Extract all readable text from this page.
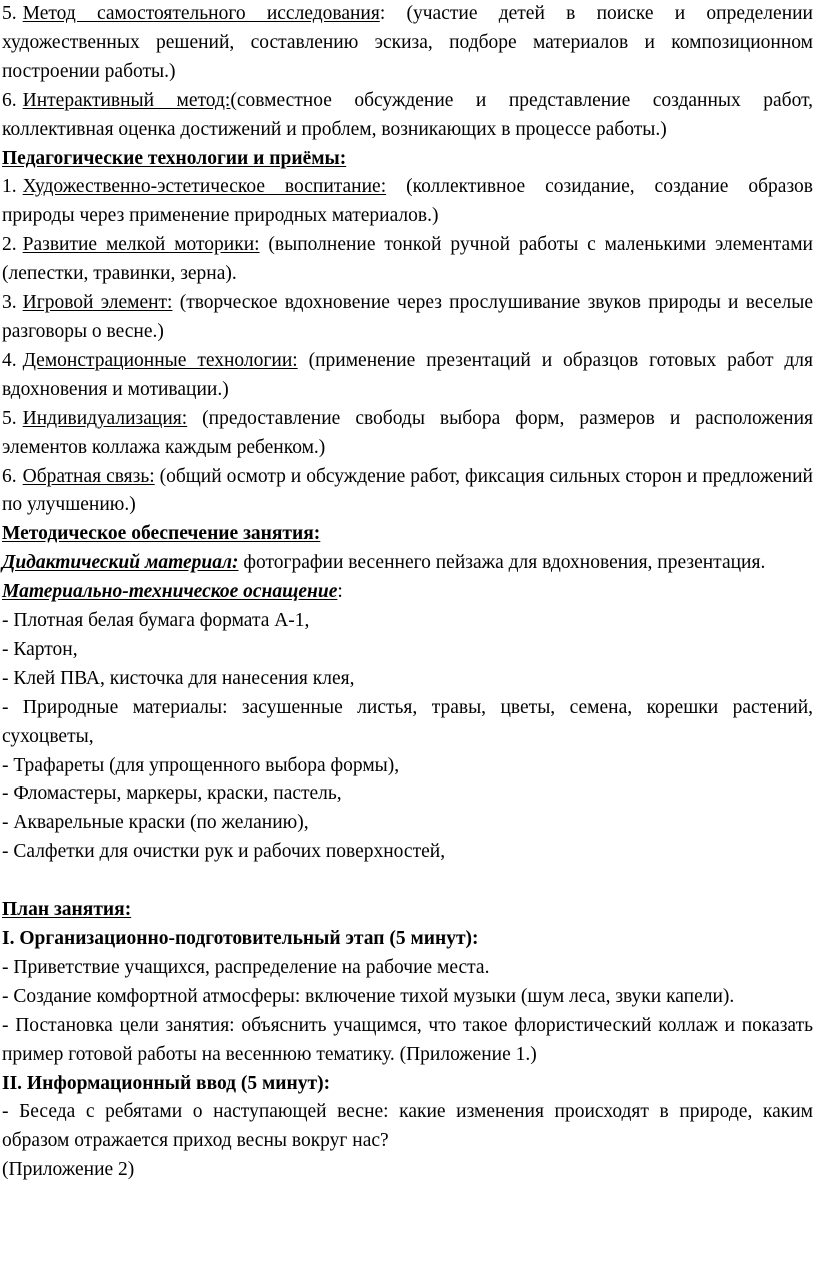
5. Метод самостоятельного исследования: (участие детей в поиске и определении художественных решений, составлению эскиза, подборе материалов и композиционном построении работы.)

6. Интерактивный метод:(совместное обсуждение и представление созданных работ, коллективная оценка достижений и проблем, возникающих в процессе работы.)

Педагогические технологии и приёмы:

1. Художественно-эстетическое воспитание: (коллективное созидание, создание образов природы через применение природных материалов.)

2. Развитие мелкой моторики: (выполнение тонкой ручной работы с маленькими элементами (лепестки, травинки, зерна).

3. Игровой элемент: (творческое вдохновение через прослушивание звуков природы и веселые разговоры о весне.)

4. Демонстрационные технологии: (применение презентаций и образцов готовых работ для вдохновения и мотивации.)

5. Индивидуализация: (предоставление свободы выбора форм, размеров и расположения элементов коллажа каждым ребенком.)

6. Обратная связь: (общий осмотр и обсуждение работ, фиксация сильных сторон и предложений по улучшению.)

Методическое обеспечение занятия:

Дидактический материал: фотографии весеннего пейзажа для вдохновения, презентация.

Материально-техническое оснащение:

- Плотная белая бумага формата А-1,

- Картон,

- Клей ПВА, кисточка для нанесения клея,

- Природные материалы: засушенные листья, травы, цветы, семена, корешки растений, сухоцветы,

- Трафареты (для упрощенного выбора формы),

- Фломастеры, маркеры, краски, пастель,

- Акварельные краски (по желанию),

- Салфетки для очистки рук и рабочих поверхностей,

План занятия:

I. Организационно-подготовительный этап (5 минут):

- Приветствие учащихся, распределение на рабочие места.

- Создание комфортной атмосферы: включение тихой музыки (шум леса, звуки капели).

- Постановка цели занятия: объяснить учащимся, что такое флористический коллаж и показать пример готовой работы на весеннюю тематику. (Приложение 1.)

II. Информационный ввод (5 минут):

- Беседа с ребятами о наступающей весне: какие изменения происходят в природе, каким образом отражается приход весны вокруг нас?

(Приложение 2)
